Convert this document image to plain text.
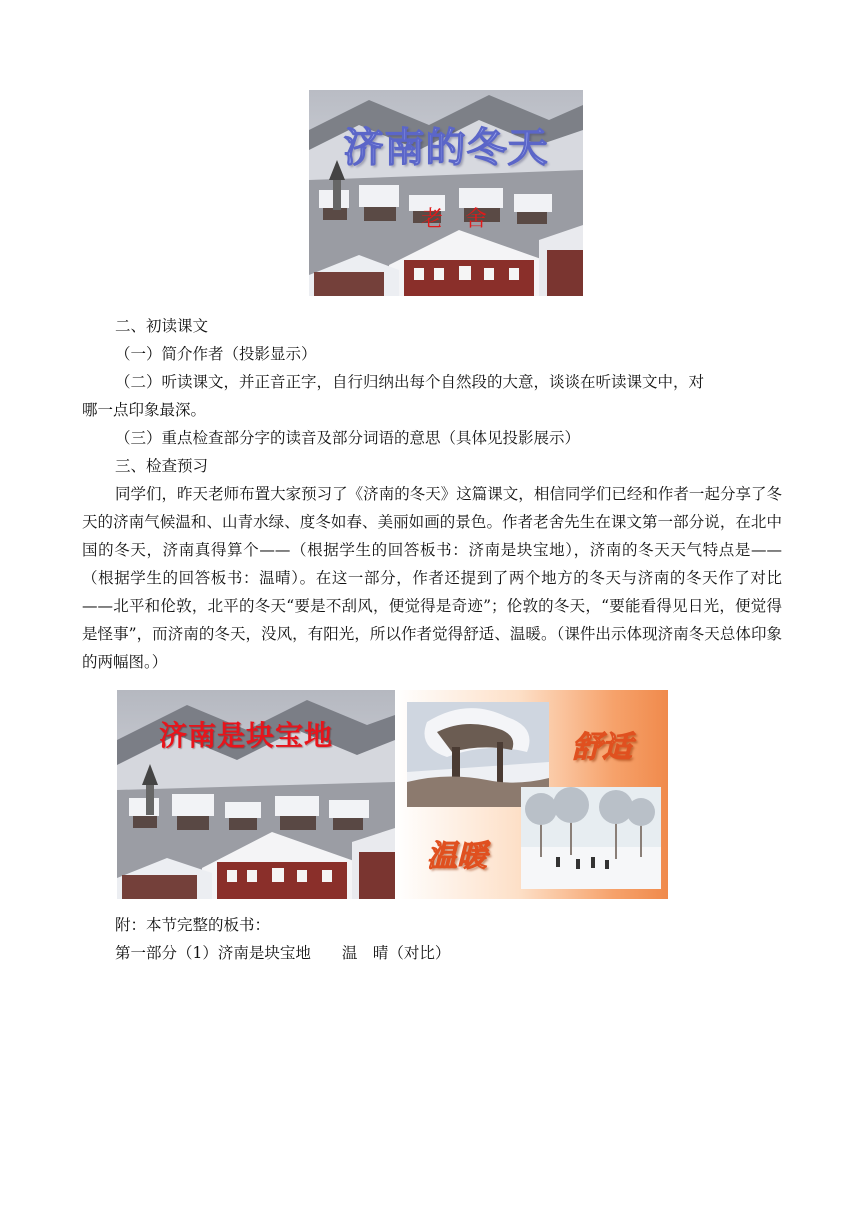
济南的冬天
老舍
二、初读课文
（一）简介作者（投影显示）
（二）听读课文，并正音正字，自行归纳出每个自然段的大意，谈谈在听读课文中，对
哪一点印象最深。
（三）重点检查部分字的读音及部分词语的意思（具体见投影展示）
三、检查预习
同学们，昨天老师布置大家预习了《济南的冬天》这篇课文，相信同学们已经和作者一起分享了冬天的济南气候温和、山青水绿、度冬如春、美丽如画的景色。作者老舍先生在课文第一部分说，在北中国的冬天，济南真得算个——（根据学生的回答板书：济南是块宝地），济南的冬天天气特点是——（根据学生的回答板书：温晴）。在这一部分，作者还提到了两个地方的冬天与济南的冬天作了对比——北平和伦敦，北平的冬天“要是不刮风，便觉得是奇迹”；伦敦的冬天，“要能看得见日光，便觉得是怪事”，而济南的冬天，没风，有阳光，所以作者觉得舒适、温暖。（课件出示体现济南冬天总体印象的两幅图。）
济南是块宝地	舒适
温暖
附：本节完整的板书：
第一部分（1）济南是块宝地　　温　晴（对比）
